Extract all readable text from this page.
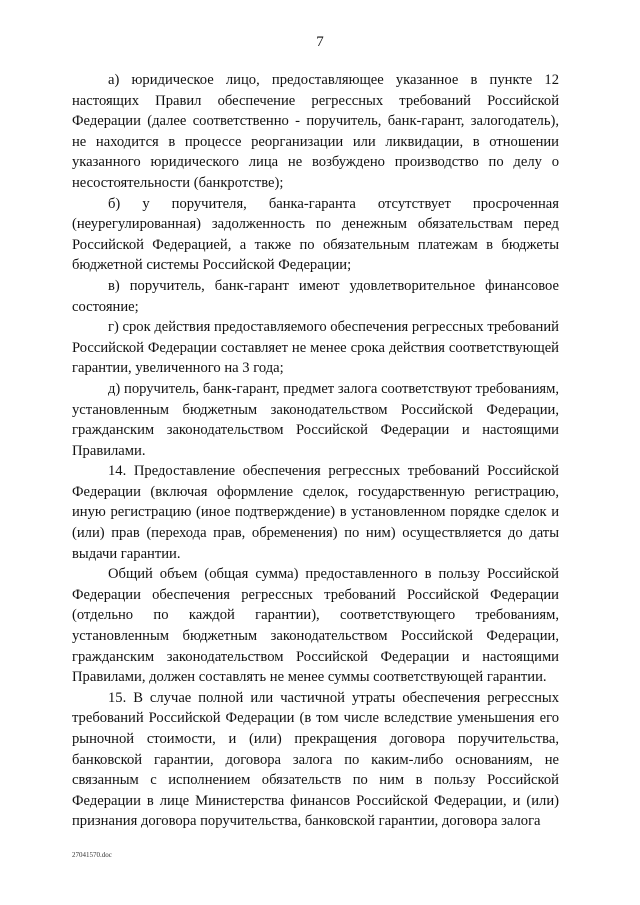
7

а) юридическое лицо, предоставляющее указанное в пункте 12 настоящих Правил обеспечение регрессных требований Российской Федерации (далее соответственно - поручитель, банк-гарант, залогодатель), не находится в процессе реорганизации или ликвидации, в отношении указанного юридического лица не возбуждено производство по делу о несостоятельности (банкротстве);

б) у поручителя, банка-гаранта отсутствует просроченная (неурегулированная) задолженность по денежным обязательствам перед Российской Федерацией, а также по обязательным платежам в бюджеты бюджетной системы Российской Федерации;

в) поручитель, банк-гарант имеют удовлетворительное финансовое состояние;

г) срок действия предоставляемого обеспечения регрессных требований Российской Федерации составляет не менее срока действия соответствующей гарантии, увеличенного на 3 года;

д) поручитель, банк-гарант, предмет залога соответствуют требованиям, установленным бюджетным законодательством Российской Федерации, гражданским законодательством Российской Федерации и настоящими Правилами.

14. Предоставление обеспечения регрессных требований Российской Федерации (включая оформление сделок, государственную регистрацию, иную регистрацию (иное подтверждение) в установленном порядке сделок и (или) прав (перехода прав, обременения) по ним) осуществляется до даты выдачи гарантии.

Общий объем (общая сумма) предоставленного в пользу Российской Федерации обеспечения регрессных требований Российской Федерации (отдельно по каждой гарантии), соответствующего требованиям, установленным бюджетным законодательством Российской Федерации, гражданским законодательством Российской Федерации и настоящими Правилами, должен составлять не менее суммы соответствующей гарантии.

15. В случае полной или частичной утраты обеспечения регрессных требований Российской Федерации (в том числе вследствие уменьшения его рыночной стоимости, и (или) прекращения договора поручительства, банковской гарантии, договора залога по каким-либо основаниям, не связанным с исполнением обязательств по ним в пользу Российской Федерации в лице Министерства финансов Российской Федерации, и (или) признания договора поручительства, банковской гарантии, договора залога

27041570.doc
